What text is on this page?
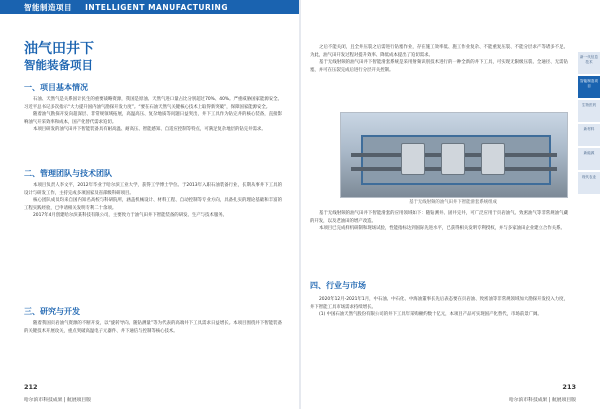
智能制造项目 INTELLIGENT MANUFACTURING
油气田井下
智能装备项目
一、项目基本情况

石油、天然气是关系国计民生的重要战略资源，我国是原油、天然气进口量占比分别超过70%、40%。严重威胁国家能源安全。习近平总书记多次指示“大力提升国内油气勘探开发力度”。“要在石油天然气关键核心技术上取得新突破”，保障国家能源安全。

随着油气勘探开发向超深层、非常规领域拓展，高温高压、复杂地质等问题日益突出，井下工具作为钻完井的核心装备，直接影响油气开采效率和成本，国产化替代需求迫切。

本项目研发的油气田井下智能装备具有耐高温、耐高压、智能感知、自适应控制等特点，可满足复杂地层的钻完井需求。

二、管理团队与技术团队

本项目负责人李文平，2012年毕业于哈尔滨工业大学，获得工学博士学位。于2013年入职石油装备行业，长期从事井下工具的设计与研发工作，主持完成多项国家及省部级科研项目。

核心团队成员均来自国内知名高校与科研院所，涵盖机械设计、材料工程、自动控制等专业方向，具备扎实的理论基础和丰富的工程实践经验，已申请相关发明专利二十余项。

2017年4月创建哈尔滨某科技有限公司，主要致力于油气田井下智能装备的研发、生产与技术服务。

三、研究与开发

随着我国页岩油气资源的不断开发，以“旋转导向、随钻测量”等为代表的高端井下工具需求日益增长。本项目围绕井下智能装备的关键技术开展攻关，重点突破高温电子元器件、井下通信与控制等核心技术。

212
哈尔滨市科技成果 | 航展项目版

之后不能关闭，且全井压裂之后需进行钻塞作业，存在施工效率低、施工作业复杂、不能重复压裂、不能分层求产等诸多不足。为此，油气田开发过程对提升效率、降低成本提出了迫切需求。

基于无线射频的油气田井下智能滑套系统是采用射频识别技术进行的一种全新的井下工具，可实现无限级压裂、全通径、无需钻塞，并可在压裂完成后进行分层开关控制。

基于无线射频的油气田井下智能滑套系统组成

基于无线射频的油气田井下智能滑套的应用领域如下：随钻测井、固井完井，可广泛应用于页岩油气、致密油气等非常规油气藏的开发，以及老油田的增产改造。

本项目已完成样机研制和现场试验，性能指标达到国际先进水平，已获得相关发明专利授权，并与多家油田企业建立合作关系。

四、行业与市场

2020年12月-2021年1月，中石油、中石化、中海油董事长先后表态要在页岩油、致密油等非常规领域加大勘探开发投入力度，井下智能工具市场需求持续增长。

(1) 中国石油天然气股份有限公司的井下工具年采购额约数十亿元，本项目产品可实现国产化替代，市场前景广阔。

新一代信息技术
智能制造项目
生物医药
新材料
新能源
现代农业
213
哈尔滨市科技成果 | 航展项目版
